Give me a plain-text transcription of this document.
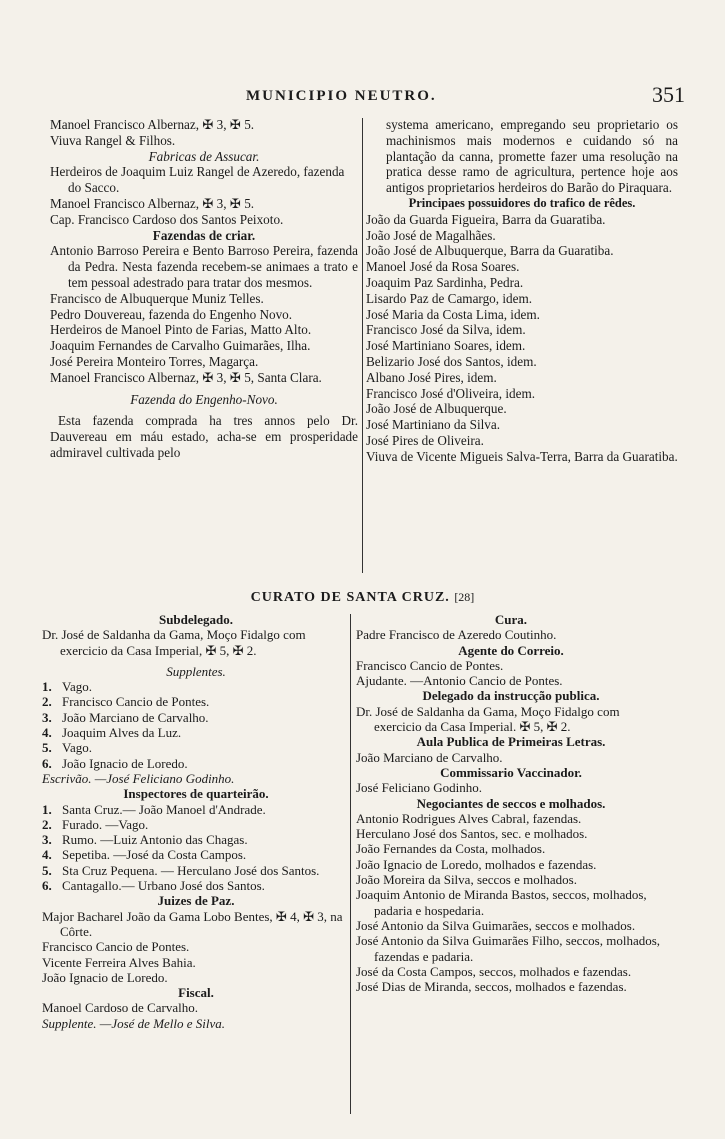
MUNICIPIO NEUTRO.	351

Manoel Francisco Albernaz, ✠ 3, ✠ 5.

Viuva Rangel & Filhos.

Fabricas de Assucar.

Herdeiros de Joaquim Luiz Rangel de Azeredo, fazenda do Sacco.

Manoel Francisco Albernaz, ✠ 3, ✠ 5.

Cap. Francisco Cardoso dos Santos Peixoto.

Fazendas de criar.

Antonio Barroso Pereira e Bento Barroso Pereira, fazenda da Pedra. Nesta fazenda recebem-se animaes a trato e tem pessoal adestrado para tratar dos mesmos.

Francisco de Albuquerque Muniz Telles.

Pedro Douvereau, fazenda do Engenho Novo.

Herdeiros de Manoel Pinto de Farias, Matto Alto.

Joaquim Fernandes de Carvalho Guimarães, Ilha.

José Pereira Monteiro Torres, Magarça.

Manoel Francisco Albernaz, ✠ 3, ✠ 5, Santa Clara.

Fazenda do Engenho-Novo.

Esta fazenda comprada ha tres annos pelo Dr. Dauvereau em máu estado, acha-se em prosperidade admiravel cultivada pelo

systema americano, empregando seu proprietario os machinismos mais modernos e cuidando só na plantação da canna, promette fazer uma resolução na pratica desse ramo de agricultura, pertence hoje aos antigos proprietarios herdeiros do Barão do Piraquara.

Principaes possuidores do trafico de rêdes.

João da Guarda Figueira, Barra da Guaratiba.

João José de Magalhães.

João José de Albuquerque, Barra da Guaratiba.

Manoel José da Rosa Soares.

Joaquim Paz Sardinha, Pedra.

Lisardo Paz de Camargo, idem.

José Maria da Costa Lima, idem.

Francisco José da Silva, idem.

José Martiniano Soares, idem.

Belizario José dos Santos, idem.

Albano José Pires, idem.

Francisco José d'Oliveira, idem.

João José de Albuquerque.

José Martiniano da Silva.

José Pires de Oliveira.

Viuva de Vicente Migueis Salva-Terra, Barra da Guaratiba.

CURATO DE SANTA CRUZ. [28]

Subdelegado.

Dr. José de Saldanha da Gama, Moço Fidalgo com exercicio da Casa Imperial, ✠ 5, ✠ 2.

Supplentes.

1. Vago.

2. Francisco Cancio de Pontes.

3. João Marciano de Carvalho.

4. Joaquim Alves da Luz.

5. Vago.

6. João Ignacio de Loredo.

Escrivão. —José Feliciano Godinho.

Inspectores de quarteirão.

1. Santa Cruz.— João Manoel d'Andrade.

2. Furado. —Vago.

3. Rumo. —Luiz Antonio das Chagas.

4. Sepetiba. —José da Costa Campos.

5. Sta Cruz Pequena. — Herculano José dos Santos.

6. Cantagallo.— Urbano José dos Santos.

Juizes de Paz.

Major Bacharel João da Gama Lobo Bentes, ✠ 4, ✠ 3, na Côrte.

Francisco Cancio de Pontes.

Vicente Ferreira Alves Bahia.

João Ignacio de Loredo.

Fiscal.

Manoel Cardoso de Carvalho.

Supplente. —José de Mello e Silva.

Cura.

Padre Francisco de Azeredo Coutinho.

Agente do Correio.

Francisco Cancio de Pontes.

Ajudante. —Antonio Cancio de Pontes.

Delegado da instrucção publica.

Dr. José de Saldanha da Gama, Moço Fidalgo com exercicio da Casa Imperial. ✠ 5, ✠ 2.

Aula Publica de Primeiras Letras.

João Marciano de Carvalho.

Commissario Vaccinador.

José Feliciano Godinho.

Negociantes de seccos e molhados.

Antonio Rodrigues Alves Cabral, fazendas.

Herculano José dos Santos, sec. e molhados.

João Fernandes da Costa, molhados.

João Ignacio de Loredo, molhados e fazendas.

João Moreira da Silva, seccos e molhados.

Joaquim Antonio de Miranda Bastos, seccos, molhados, padaria e hospedaria.

José Antonio da Silva Guimarães, seccos e molhados.

José Antonio da Silva Guimarães Filho, seccos, molhados, fazendas e padaria.

José da Costa Campos, seccos, molhados e fazendas.

José Dias de Miranda, seccos, molhados e fazendas.
